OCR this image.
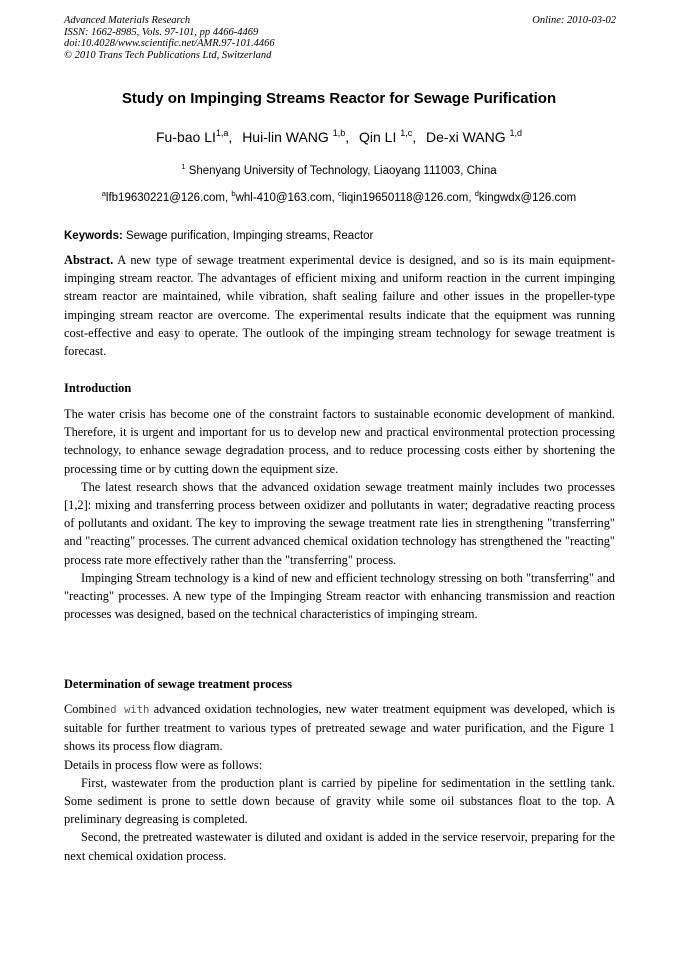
Advanced Materials Research
ISSN: 1662-8985, Vols. 97-101, pp 4466-4469
doi:10.4028/www.scientific.net/AMR.97-101.4466
© 2010 Trans Tech Publications Ltd, Switzerland
Online: 2010-03-02
Study on Impinging Streams Reactor for Sewage Purification
Fu-bao LI$^{1,a}$, Hui-lin WANG $^{1,b}$, Qin LI $^{1,c}$, De-xi WANG $^{1,d}$
$^1$ Shenyang University of Technology, Liaoyang 111003, China
$^a$lfb19630221@126.com, $^b$whl-410@163.com, $^c$liqin19650118@126.com, $^d$kingwdx@126.com
Keywords: Sewage purification, Impinging streams, Reactor

Abstract. A new type of sewage treatment experimental device is designed, and so is its main equipment-impinging stream reactor. The advantages of efficient mixing and uniform reaction in the current impinging stream reactor are maintained, while vibration, shaft sealing failure and other issues in the propeller-type impinging stream reactor are overcome. The experimental results indicate that the equipment was running cost-effective and easy to operate. The outlook of the impinging stream technology for sewage treatment is forecast.

Introduction

The water crisis has become one of the constraint factors to sustainable economic development of mankind. Therefore, it is urgent and important for us to develop new and practical environmental protection processing technology, to enhance sewage degradation process, and to reduce processing costs either by shortening the processing time or by cutting down the equipment size.

The latest research shows that the advanced oxidation sewage treatment mainly includes two processes [1,2]: mixing and transferring process between oxidizer and pollutants in water; degradative reacting process of pollutants and oxidant. The key to improving the sewage treatment rate lies in strengthening "transferring" and "reacting" processes. The current advanced chemical oxidation technology has strengthened the "reacting" process rate more effectively rather than the "transferring" process.

Impinging Stream technology is a kind of new and efficient technology stressing on both "transferring" and "reacting" processes. A new type of the Impinging Stream reactor with enhancing transmission and reaction processes was designed, based on the technical characteristics of impinging stream.

Determination of sewage treatment process

Combined with advanced oxidation technologies, new water treatment equipment was developed, which is suitable for further treatment to various types of pretreated sewage and water purification, and the Figure 1 shows its process flow diagram.

Details in process flow were as follows:

First, wastewater from the production plant is carried by pipeline for sedimentation in the settling tank. Some sediment is prone to settle down because of gravity while some oil substances float to the top. A preliminary degreasing is completed.

Second, the pretreated wastewater is diluted and oxidant is added in the service reservoir, preparing for the next chemical oxidation process.
